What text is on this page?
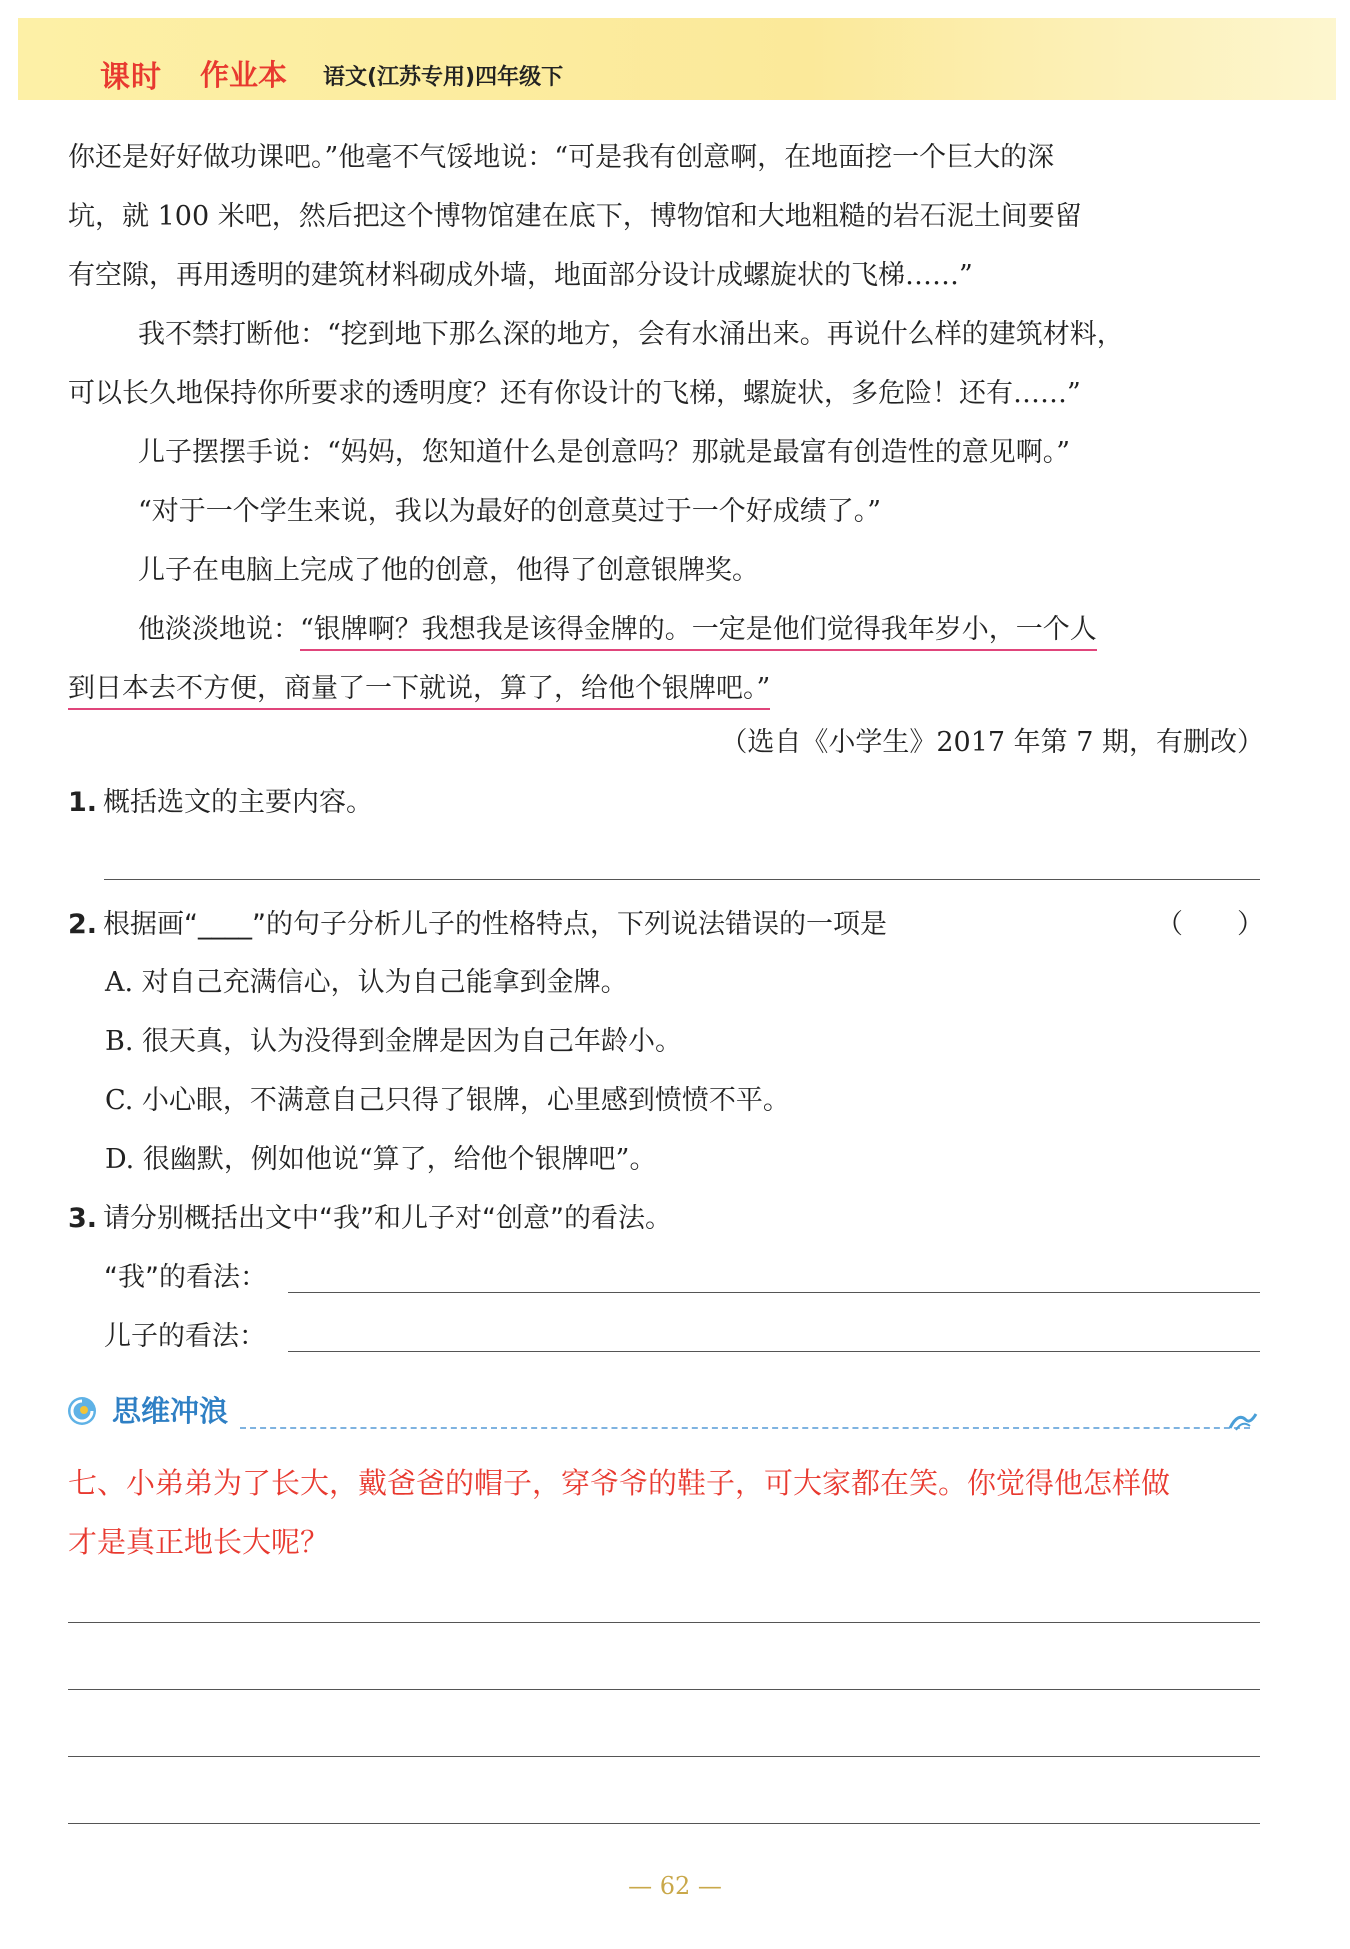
课时 作业本 语文(江苏专用)四年级下

你还是好好做功课吧。”他毫不气馁地说：“可是我有创意啊，在地面挖一个巨大的深

坑，就 100 米吧，然后把这个博物馆建在底下，博物馆和大地粗糙的岩石泥土间要留

有空隙，再用透明的建筑材料砌成外墙，地面部分设计成螺旋状的飞梯……”

我不禁打断他：“挖到地下那么深的地方，会有水涌出来。再说什么样的建筑材料，

可以长久地保持你所要求的透明度？还有你设计的飞梯，螺旋状，多危险！还有……”

儿子摆摆手说：“妈妈，您知道什么是创意吗？那就是最富有创造性的意见啊。”

“对于一个学生来说，我以为最好的创意莫过于一个好成绩了。”

儿子在电脑上完成了他的创意，他得了创意银牌奖。

他淡淡地说：“银牌啊？我想我是该得金牌的。一定是他们觉得我年岁小，一个人

到日本去不方便，商量了一下就说，算了，给他个银牌吧。”

（选自《小学生》2017 年第 7 期，有删改）
1. 概括选文的主要内容。
2. 根据画“____”的句子分析儿子的性格特点，下列说法错误的一项是	（　　）
A. 对自己充满信心，认为自己能拿到金牌。
B. 很天真，认为没得到金牌是因为自己年龄小。
C. 小心眼，不满意自己只得了银牌，心里感到愤愤不平。
D. 很幽默，例如他说“算了，给他个银牌吧”。
3. 请分别概括出文中“我”和儿子对“创意”的看法。
“我”的看法：
儿子的看法：
思维冲浪

七、小弟弟为了长大，戴爸爸的帽子，穿爷爷的鞋子，可大家都在笑。你觉得他怎样做

才是真正地长大呢？

— 62 —
